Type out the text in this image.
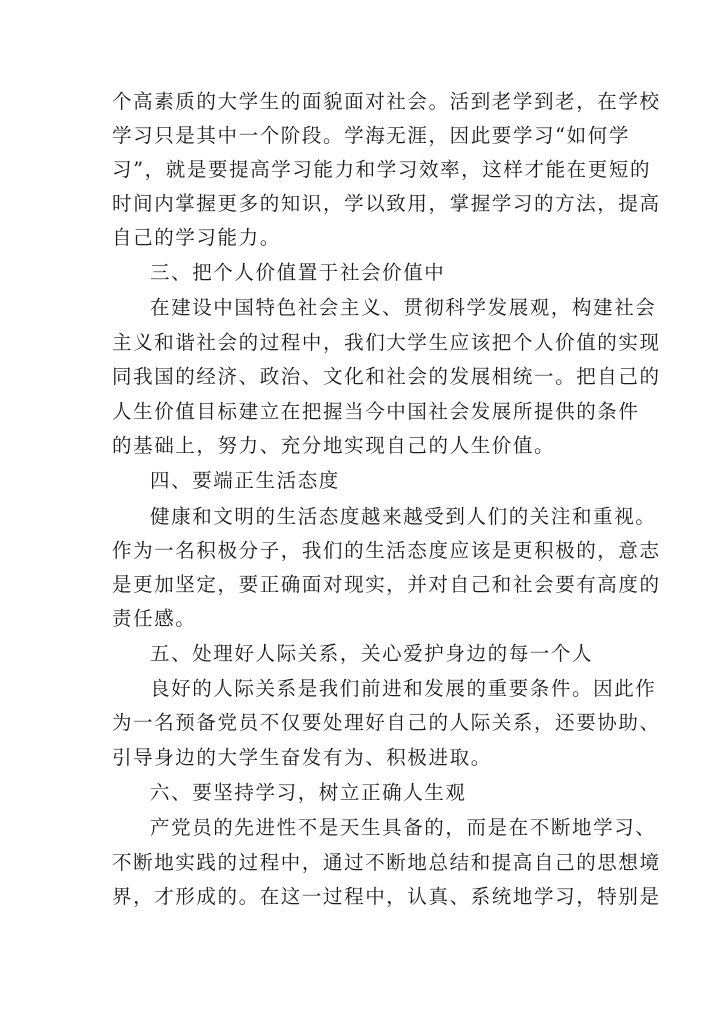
个高素质的大学生的面貌面对社会。活到老学到老，在学校
学习只是其中一个阶段。学海无涯，因此要学习“如何学
习”，就是要提高学习能力和学习效率，这样才能在更短的
时间内掌握更多的知识，学以致用，掌握学习的方法，提高
自己的学习能力。
三、把个人价值置于社会价值中
在建设中国特色社会主义、贯彻科学发展观，构建社会
主义和谐社会的过程中，我们大学生应该把个人价值的实现
同我国的经济、政治、文化和社会的发展相统一。把自己的
人生价值目标建立在把握当今中国社会发展所提供的条件
的基础上，努力、充分地实现自己的人生价值。
四、要端正生活态度
健康和文明的生活态度越来越受到人们的关注和重视。
作为一名积极分子，我们的生活态度应该是更积极的，意志
是更加坚定，要正确面对现实，并对自己和社会要有高度的
责任感。
五、处理好人际关系，关心爱护身边的每一个人
良好的人际关系是我们前进和发展的重要条件。因此作
为一名预备党员不仅要处理好自己的人际关系，还要协助、
引导身边的大学生奋发有为、积极进取。
六、要坚持学习，树立正确人生观
产党员的先进性不是天生具备的，而是在不断地学习、
不断地实践的过程中，通过不断地总结和提高自己的思想境
界，才形成的。在这一过程中，认真、系统地学习，特别是
